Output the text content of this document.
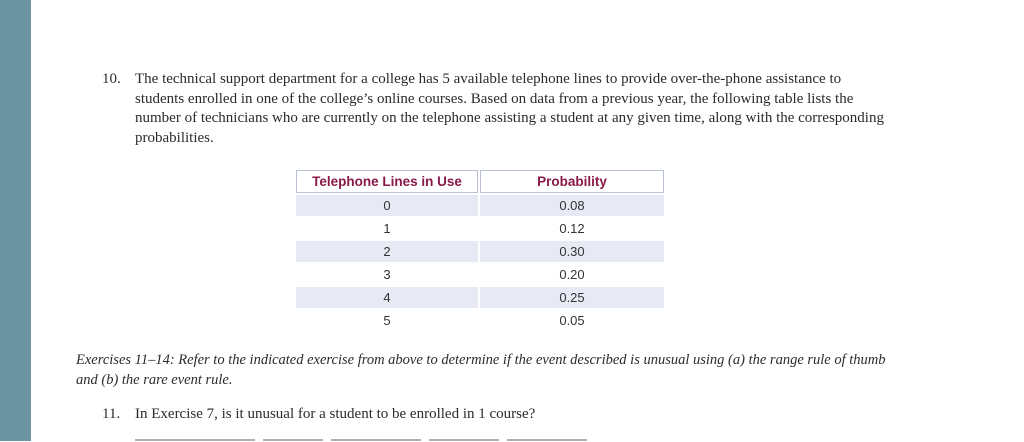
10. The technical support department for a college has 5 available telephone lines to provide over-the-phone assistance to students enrolled in one of the college’s online courses. Based on data from a previous year, the following table lists the number of technicians who are currently on the telephone assisting a student at any given time, along with the corresponding probabilities.
Telephone Lines in Use	Probability
0	0.08
1	0.12
2	0.30
3	0.20
4	0.25
5	0.05
Exercises 11–14: Refer to the indicated exercise from above to determine if the event described is unusual using (a) the range rule of thumb and (b) the rare event rule.
11. In Exercise 7, is it unusual for a student to be enrolled in 1 course?
